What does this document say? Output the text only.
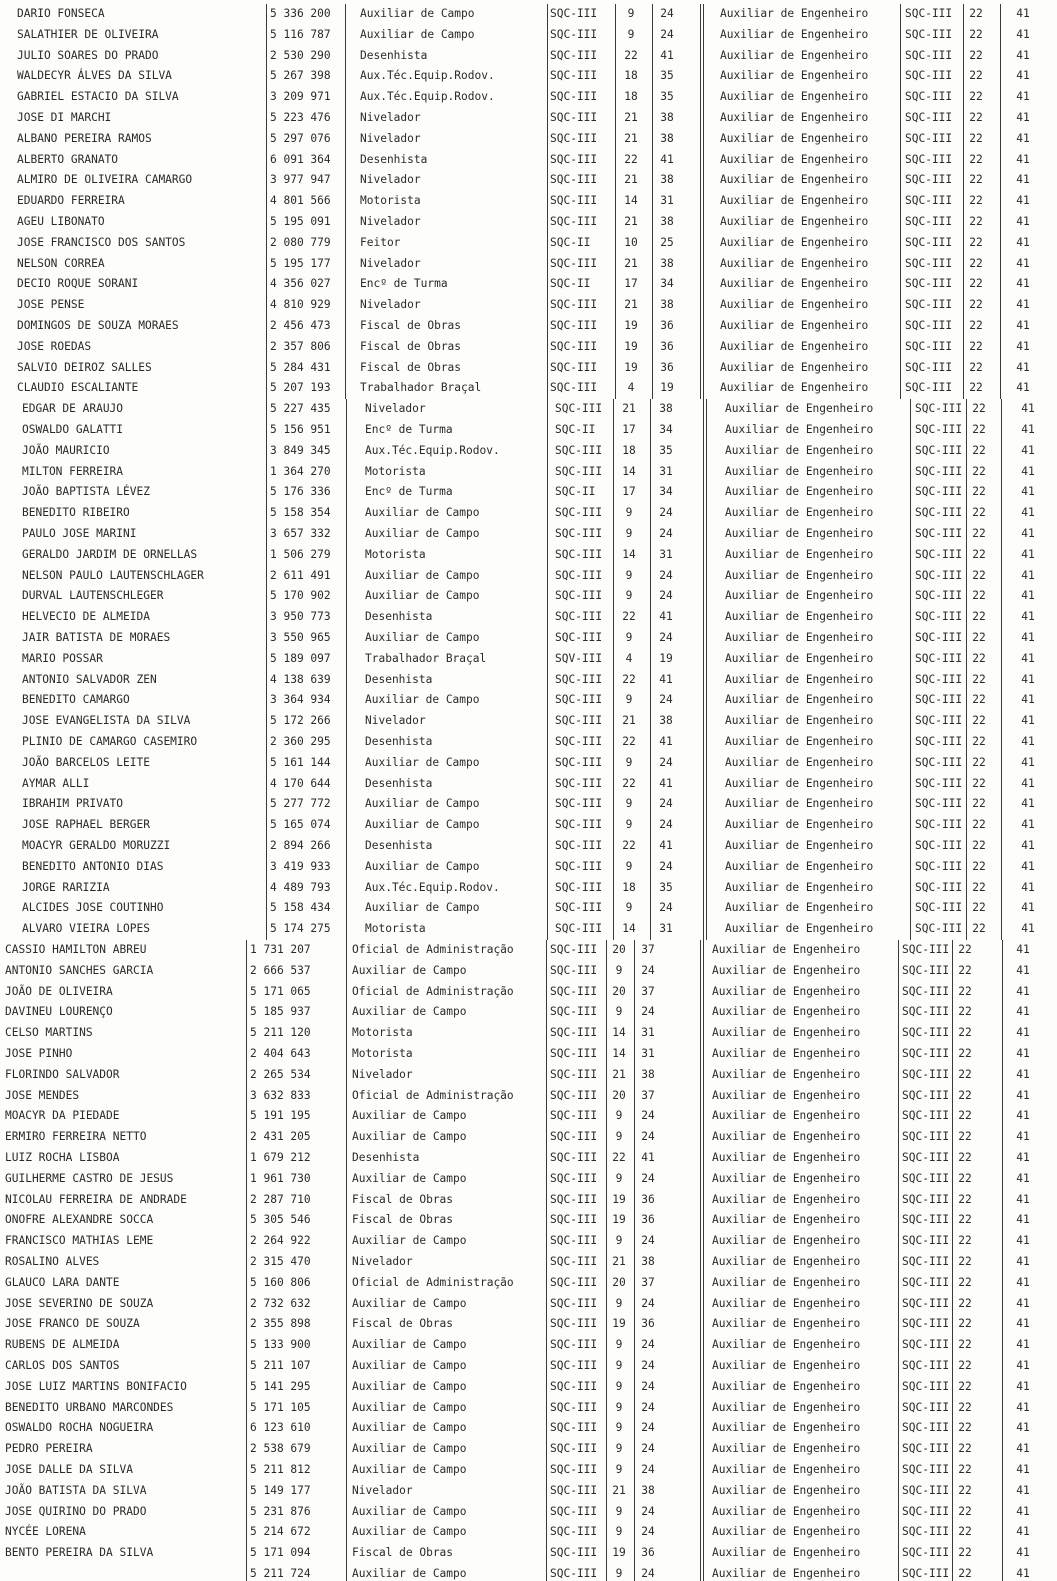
DARIO FONSECA	5 336 200	Auxiliar de Campo	SQC-III	9	24	Auxiliar de Engenheiro	SQC-III	22	41
SALATHIER DE OLIVEIRA	5 116 787	Auxiliar de Campo	SQC-III	9	24	Auxiliar de Engenheiro	SQC-III	22	41
JULIO SOARES DO PRADO	2 530 290	Desenhista	SQC-III	22	41	Auxiliar de Engenheiro	SQC-III	22	41
WALDECYR ÁLVES DA SILVA	5 267 398	Aux.Téc.Equip.Rodov.	SQC-III	18	35	Auxiliar de Engenheiro	SQC-III	22	41
GABRIEL ESTACIO DA SILVA	3 209 971	Aux.Téc.Equip.Rodov.	SQC-III	18	35	Auxiliar de Engenheiro	SQC-III	22	41
JOSE DI MARCHI	5 223 476	Nivelador	SQC-III	21	38	Auxiliar de Engenheiro	SQC-III	22	41
ALBANO PEREIRA RAMOS	5 297 076	Nivelador	SQC-III	21	38	Auxiliar de Engenheiro	SQC-III	22	41
ALBERTO GRANATO	6 091 364	Desenhista	SQC-III	22	41	Auxiliar de Engenheiro	SQC-III	22	41
ALMIRO DE OLIVEIRA CAMARGO	3 977 947	Nivelador	SQC-III	21	38	Auxiliar de Engenheiro	SQC-III	22	41
EDUARDO FERREIRA	4 801 566	Motorista	SQC-III	14	31	Auxiliar de Engenheiro	SQC-III	22	41
AGEU LIBONATO	5 195 091	Nivelador	SQC-III	21	38	Auxiliar de Engenheiro	SQC-III	22	41
JOSE FRANCISCO DOS SANTOS	2 080 779	Feitor	SQC-II	10	25	Auxiliar de Engenheiro	SQC-III	22	41
NELSON CORREA	5 195 177	Nivelador	SQC-III	21	38	Auxiliar de Engenheiro	SQC-III	22	41
DECIO ROQUE SORANI	4 356 027	Encº de Turma	SQC-II	17	34	Auxiliar de Engenheiro	SQC-III	22	41
JOSE PENSE	4 810 929	Nivelador	SQC-III	21	38	Auxiliar de Engenheiro	SQC-III	22	41
DOMINGOS DE SOUZA MORAES	2 456 473	Fiscal de Obras	SQC-III	19	36	Auxiliar de Engenheiro	SQC-III	22	41
JOSE ROEDAS	2 357 806	Fiscal de Obras	SQC-III	19	36	Auxiliar de Engenheiro	SQC-III	22	41
SALVIO DEIROZ SALLES	5 284 431	Fiscal de Obras	SQC-III	19	36	Auxiliar de Engenheiro	SQC-III	22	41
CLAUDIO ESCALIANTE	5 207 193	Trabalhador Braçal	SQC-III	4	19	Auxiliar de Engenheiro	SQC-III	22	41
EDGAR DE ARAUJO	5 227 435	Nivelador	SQC-III	21	38	Auxiliar de Engenheiro	SQC-III 22	41
OSWALDO GALATTI	5 156 951	Encº de Turma	SQC-II	17	34	Auxiliar de Engenheiro	SQC-III 22	41
JOÃO MAURICIO	3 849 345	Aux.Téc.Equip.Rodov.	SQC-III	18	35	Auxiliar de Engenheiro	SQC-III 22	41
MILTON FERREIRA	1 364 270	Motorista	SQC-III	14	31	Auxiliar de Engenheiro	SQC-III 22	41
JOÃO BAPTISTA LÉVEZ	5 176 336	Encº de Turma	SQC-II	17	34	Auxiliar de Engenheiro	SQC-III 22	41
BENEDITO RIBEIRO	5 158 354	Auxiliar de Campo	SQC-III	9	24	Auxiliar de Engenheiro	SQC-III 22	41
PAULO JOSE MARINI	3 657 332	Auxiliar de Campo	SQC-III	9	24	Auxiliar de Engenheiro	SQC-III 22	41
GERALDO JARDIM DE ORNELLAS	1 506 279	Motorista	SQC-III	14	31	Auxiliar de Engenheiro	SQC-III 22	41
NELSON PAULO LAUTENSCHLAGER	2 611 491	Auxiliar de Campo	SQC-III	9	24	Auxiliar de Engenheiro	SQC-III 22	41
DURVAL LAUTENSCHLEGER	5 170 902	Auxiliar de Campo	SQC-III	9	24	Auxiliar de Engenheiro	SQC-III 22	41
HELVECIO DE ALMEIDA	3 950 773	Desenhista	SQC-III	22	41	Auxiliar de Engenheiro	SQC-III 22	41
JAIR BATISTA DE MORAES	3 550 965	Auxiliar de Campo	SQC-III	9	24	Auxiliar de Engenheiro	SQC-III 22	41
MARIO POSSAR	5 189 097	Trabalhador Braçal	SQV-III	4	19	Auxiliar de Engenheiro	SQC-III 22	41
ANTONIO SALVADOR ZEN	4 138 639	Desenhista	SQC-III	22	41	Auxiliar de Engenheiro	SQC-III 22	41
BENEDITO CAMARGO	3 364 934	Auxiliar de Campo	SQC-III	9	24	Auxiliar de Engenheiro	SQC-III 22	41
JOSE EVANGELISTA DA SILVA	5 172 266	Nivelador	SQC-III	21	38	Auxiliar de Engenheiro	SQC-III 22	41
PLINIO DE CAMARGO CASEMIRO	2 360 295	Desenhista	SQC-III	22	41	Auxiliar de Engenheiro	SQC-III 22	41
JOÃO BARCELOS LEITE	5 161 144	Auxiliar de Campo	SQC-III	9	24	Auxiliar de Engenheiro	SQC-III 22	41
AYMAR ALLI	4 170 644	Desenhista	SQC-III	22	41	Auxiliar de Engenheiro	SQC-III 22	41
IBRAHIM PRIVATO	5 277 772	Auxiliar de Campo	SQC-III	9	24	Auxiliar de Engenheiro	SQC-III 22	41
JOSE RAPHAEL BERGER	5 165 074	Auxiliar de Campo	SQC-III	9	24	Auxiliar de Engenheiro	SQC-III 22	41
MOACYR GERALDO MORUZZI	2 894 266	Desenhista	SQC-III	22	41	Auxiliar de Engenheiro	SQC-III 22	41
BENEDITO ANTONIO DIAS	3 419 933	Auxiliar de Campo	SQC-III	9	24	Auxiliar de Engenheiro	SQC-III 22	41
JORGE RARIZIA	4 489 793	Aux.Téc.Equip.Rodov.	SQC-III	18	35	Auxiliar de Engenheiro	SQC-III 22	41
ALCIDES JOSE COUTINHO	5 158 434	Auxiliar de Campo	SQC-III	9	24	Auxiliar de Engenheiro	SQC-III 22	41
ALVARO VIEIRA LOPES	5 174 275	Motorista	SQC-III	14	31	Auxiliar de Engenheiro	SQC-III 22	41
CASSIO HAMILTON ABREU	1 731 207	Oficial de Administração	SQC-III	20	37	Auxiliar de Engenheiro	SQC-III 22	41
ANTONIO SANCHES GARCIA	2 666 537	Auxiliar de Campo	SQC-III	9	24	Auxiliar de Engenheiro	SQC-III 22	41
JOÃO DE OLIVEIRA	5 171 065	Oficial de Administração	SQC-III	20	37	Auxiliar de Engenheiro	SQC-III 22	41
DAVINEU LOURENÇO	5 185 937	Auxiliar de Campo	SQC-III	9	24	Auxiliar de Engenheiro	SQC-III 22	41
CELSO MARTINS	5 211 120	Motorista	SQC-III	14	31	Auxiliar de Engenheiro	SQC-III 22	41
JOSE PINHO	2 404 643	Motorista	SQC-III	14	31	Auxiliar de Engenheiro	SQC-III 22	41
FLORINDO SALVADOR	2 265 534	Nivelador	SQC-III	21	38	Auxiliar de Engenheiro	SQC-III 22	41
JOSE MENDES	3 632 833	Oficial de Administração	SQC-III	20	37	Auxiliar de Engenheiro	SQC-III 22	41
MOACYR DA PIEDADE	5 191 195	Auxiliar de Campo	SQC-III	9	24	Auxiliar de Engenheiro	SQC-III 22	41
ERMIRO FERREIRA NETTO	2 431 205	Auxiliar de Campo	SQC-III	9	24	Auxiliar de Engenheiro	SQC-III 22	41
LUIZ ROCHA LISBOA	1 679 212	Desenhista	SQC-III	22	41	Auxiliar de Engenheiro	SQC-III 22	41
GUILHERME CASTRO DE JESUS	1 961 730	Auxiliar de Campo	SQC-III	9	24	Auxiliar de Engenheiro	SQC-III 22	41
NICOLAU FERREIRA DE ANDRADE	2 287 710	Fiscal de Obras	SQC-III	19	36	Auxiliar de Engenheiro	SQC-III 22	41
ONOFRE ALEXANDRE SOCCA	5 305 546	Fiscal de Obras	SQC-III	19	36	Auxiliar de Engenheiro	SQC-III 22	41
FRANCISCO MATHIAS LEME	2 264 922	Auxiliar de Campo	SQC-III	9	24	Auxiliar de Engenheiro	SQC-III 22	41
ROSALINO ALVES	2 315 470	Nivelador	SQC-III	21	38	Auxiliar de Engenheiro	SQC-III 22	41
GLAUCO LARA DANTE	5 160 806	Oficial de Administração	SQC-III	20	37	Auxiliar de Engenheiro	SQC-III 22	41
JOSE SEVERINO DE SOUZA	2 732 632	Auxiliar de Campo	SQC-III	9	24	Auxiliar de Engenheiro	SQC-III 22	41
JOSE FRANCO DE SOUZA	2 355 898	Fiscal de Obras	SQC-III	19	36	Auxiliar de Engenheiro	SQC-III 22	41
RUBENS DE ALMEIDA	5 133 900	Auxiliar de Campo	SQC-III	9	24	Auxiliar de Engenheiro	SQC-III 22	41
CARLOS DOS SANTOS	5 211 107	Auxiliar de Campo	SQC-III	9	24	Auxiliar de Engenheiro	SQC-III 22	41
JOSE LUIZ MARTINS BONIFACIO	5 141 295	Auxiliar de Campo	SQC-III	9	24	Auxiliar de Engenheiro	SQC-III 22	41
BENEDITO URBANO MARCONDES	5 171 105	Auxiliar de Campo	SQC-III	9	24	Auxiliar de Engenheiro	SQC-III 22	41
OSWALDO ROCHA NOGUEIRA	6 123 610	Auxiliar de Campo	SQC-III	9	24	Auxiliar de Engenheiro	SQC-III 22	41
PEDRO PEREIRA	2 538 679	Auxiliar de Campo	SQC-III	9	24	Auxiliar de Engenheiro	SQC-III 22	41
JOSE DALLE DA SILVA	5 211 812	Auxiliar de Campo	SQC-III	9	24	Auxiliar de Engenheiro	SQC-III 22	41
JOÃO BATISTA DA SILVA	5 149 177	Nivelador	SQC-III	21	38	Auxiliar de Engenheiro	SQC-III 22	41
JOSE QUIRINO DO PRADO	5 231 876	Auxiliar de Campo	SQC-III	9	24	Auxiliar de Engenheiro	SQC-III 22	41
NYCÉE LORENA	5 214 672	Auxiliar de Campo	SQC-III	9	24	Auxiliar de Engenheiro	SQC-III 22	41
BENTO PEREIRA DA SILVA	5 171 094	Fiscal de Obras	SQC-III	19	36	Auxiliar de Engenheiro	SQC-III 22	41
5 211 724	Auxiliar de Campo	SQC-III	9	24	Auxiliar de Engenheiro	SQC-III 22	41
